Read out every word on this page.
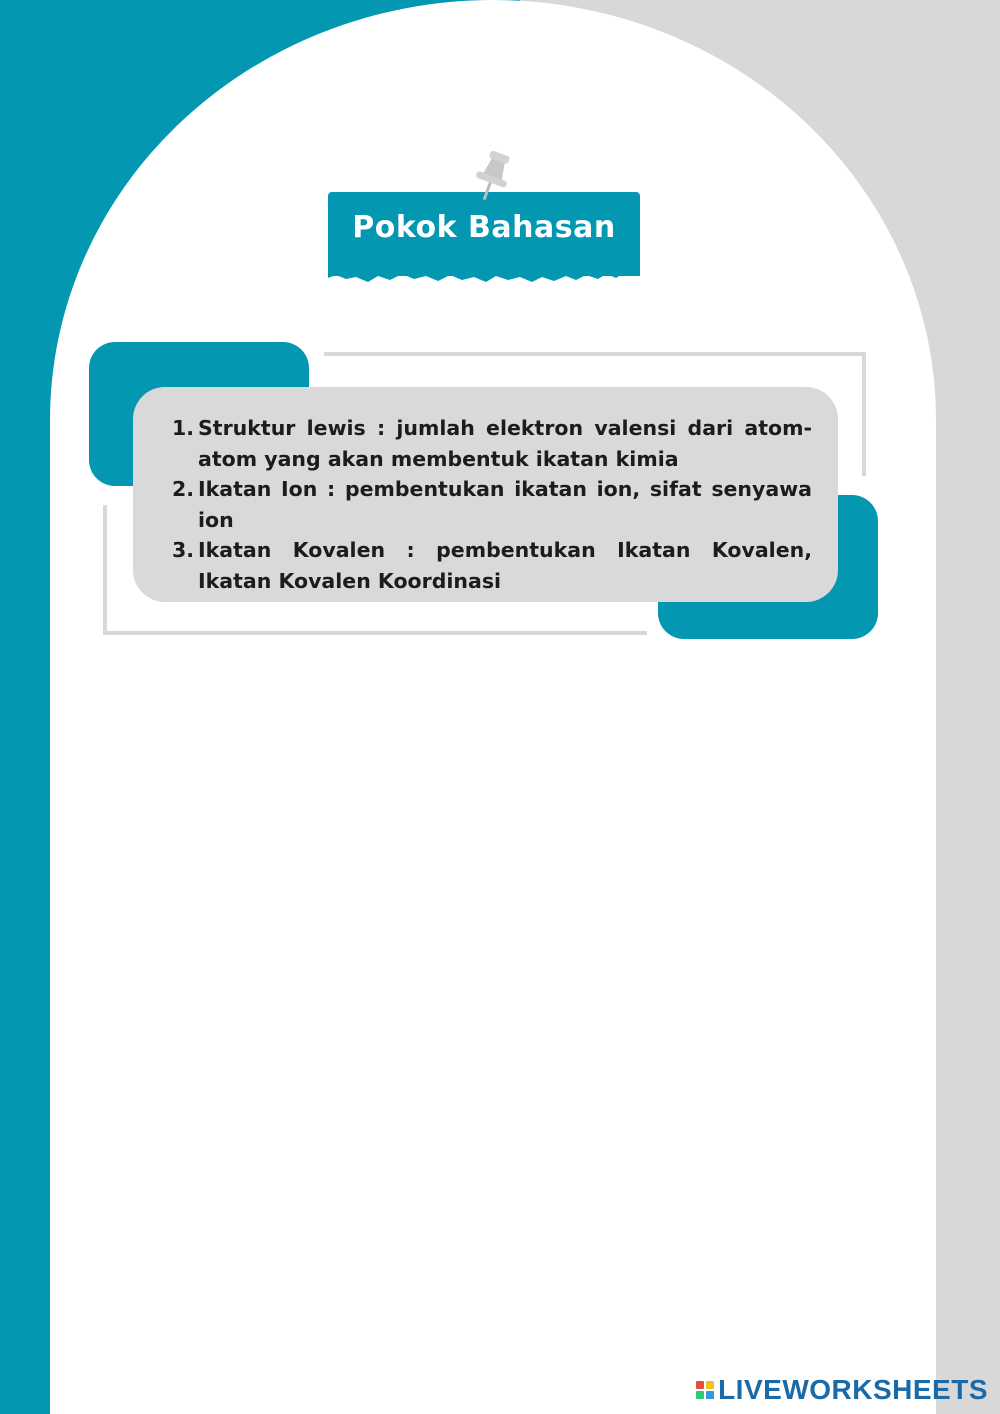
Pokok Bahasan
1. Struktur lewis : jumlah elektron valensi dari atom-atom yang akan membentuk ikatan kimia
2. Ikatan Ion : pembentukan ikatan ion, sifat senyawa ion
3. Ikatan Kovalen : pembentukan Ikatan Kovalen, Ikatan Kovalen Koordinasi
LIVEWORKSHEETS
